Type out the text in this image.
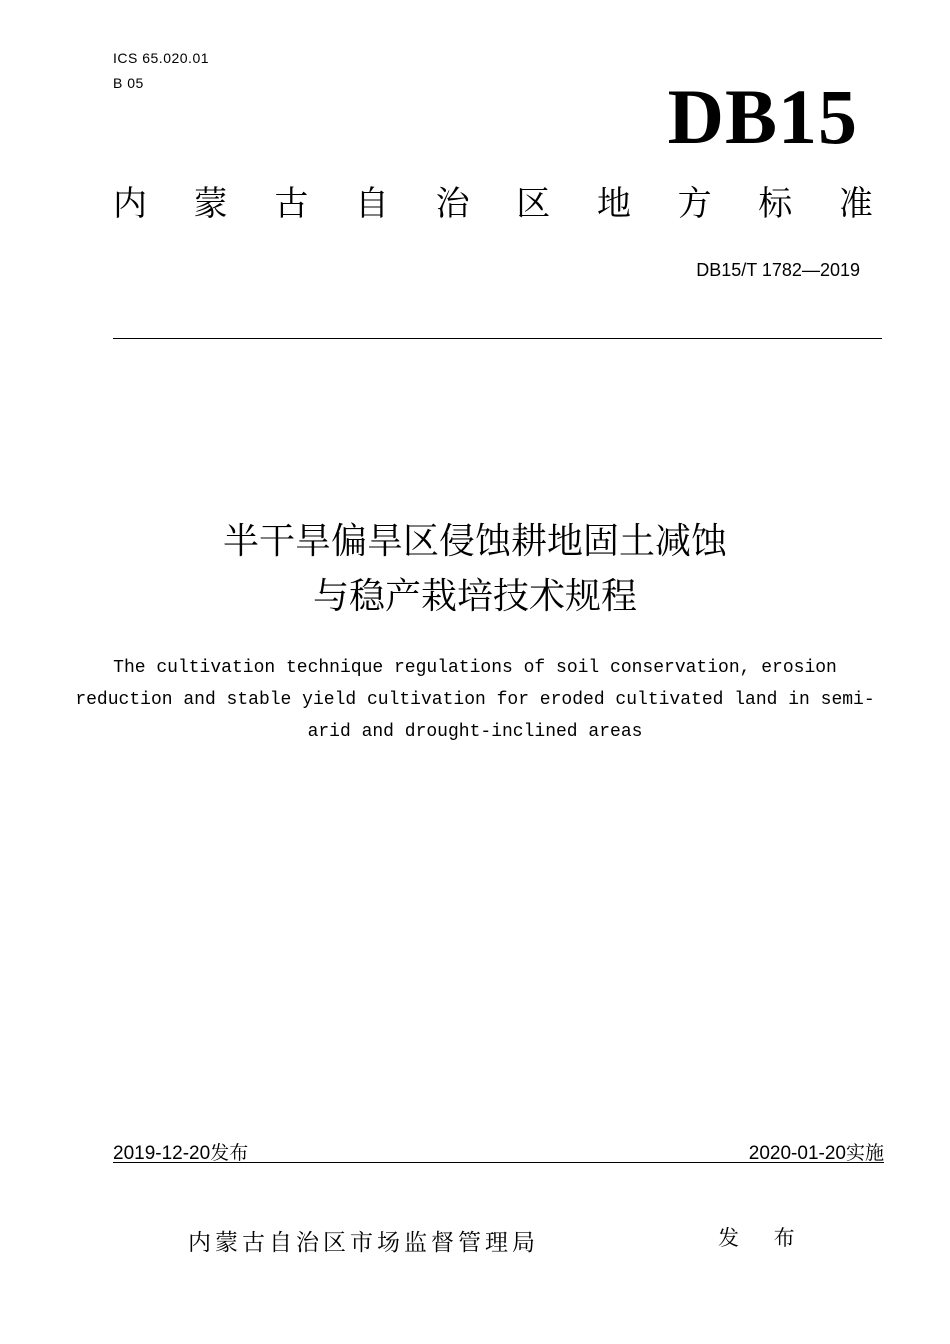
ICS 65.020.01
B 05	DB15
内 蒙 古 自 治 区 地 方 标 准
DB15/T 1782—2019
半干旱偏旱区侵蚀耕地固土减蚀
与稳产栽培技术规程
The cultivation technique regulations of soil conservation, erosion reduction and stable yield cultivation for eroded cultivated land in semi-arid and drought-inclined areas
2019-12-20发布	2020-01-20实施
内蒙古自治区市场监督管理局	发 布
